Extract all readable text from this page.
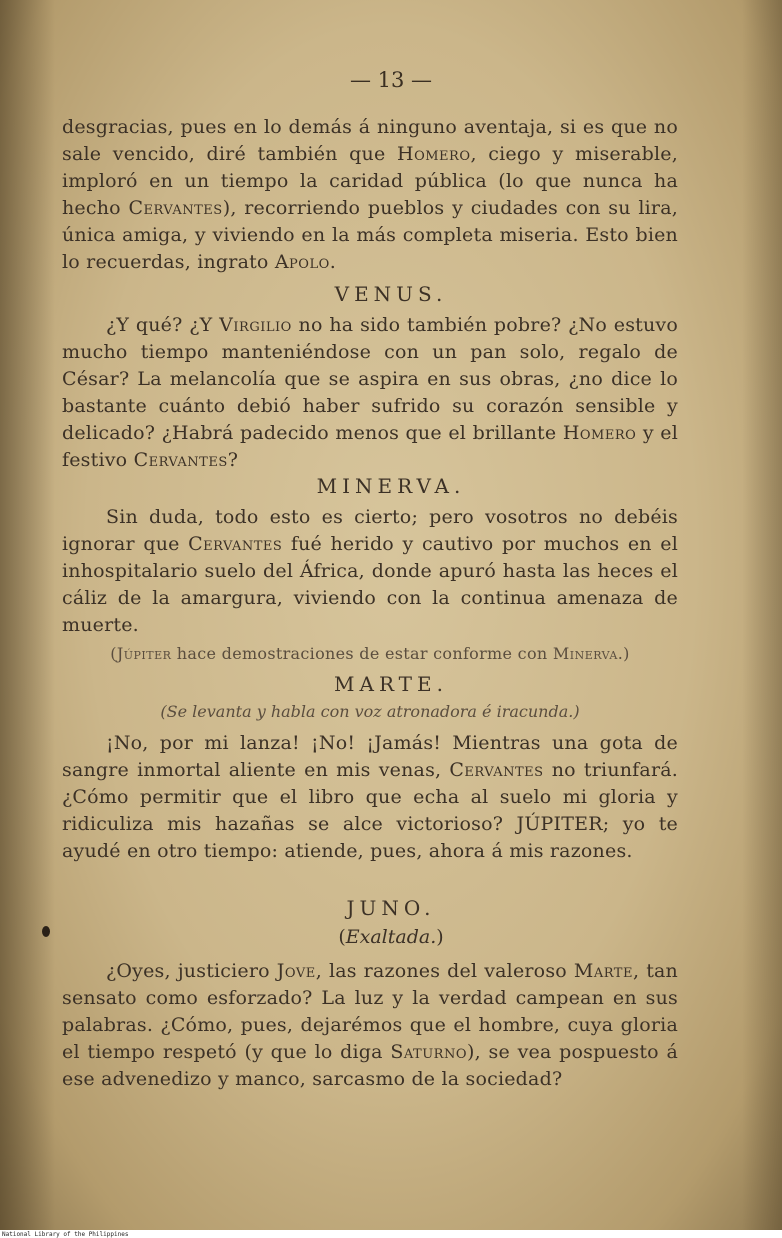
— 13 —
desgracias, pues en lo demás á ninguno aventaja, si es que no sale vencido, diré también que Homero, ciego y miserable, imploró en un tiempo la caridad pública (lo que nunca ha hecho Cervantes), recorriendo pueblos y ciudades con su lira, única amiga, y viviendo en la más completa miseria. Esto bien lo recuerdas, ingrato Apolo.
VENUS.
¿Y qué? ¿Y Virgilio no ha sido también pobre? ¿No estuvo mucho tiempo manteniéndose con un pan solo, regalo de César? La melancolía que se aspira en sus obras, ¿no dice lo bastante cuánto debió haber sufrido su corazón sensible y delicado? ¿Habrá padecido menos que el brillante Homero y el festivo Cervantes?
MINERVA.
Sin duda, todo esto es cierto; pero vosotros no debéis ignorar que Cervantes fué herido y cautivo por muchos en el inhospitalario suelo del África, donde apuró hasta las heces el cáliz de la amargura, viviendo con la continua amenaza de muerte.
(Júpiter hace demostraciones de estar conforme con Minerva.)
MARTE.
(Se levanta y habla con voz atronadora é iracunda.)
¡No, por mi lanza! ¡No! ¡Jamás! Mientras una gota de sangre inmortal aliente en mis venas, Cervantes no triunfará. ¿Cómo permitir que el libro que echa al suelo mi gloria y ridiculiza mis hazañas se alce victorioso? JÚPITER; yo te ayudé en otro tiempo: atiende, pues, ahora á mis razones.
JUNO.
(Exaltada.)
¿Oyes, justiciero Jove, las razones del valeroso Marte, tan sensato como esforzado? La luz y la verdad campean en sus palabras. ¿Cómo, pues, dejarémos que el hombre, cuya gloria el tiempo respetó (y que lo diga Saturno), se vea pospuesto á ese advenedizo y manco, sarcasmo de la sociedad?
National Library of the Philippines
